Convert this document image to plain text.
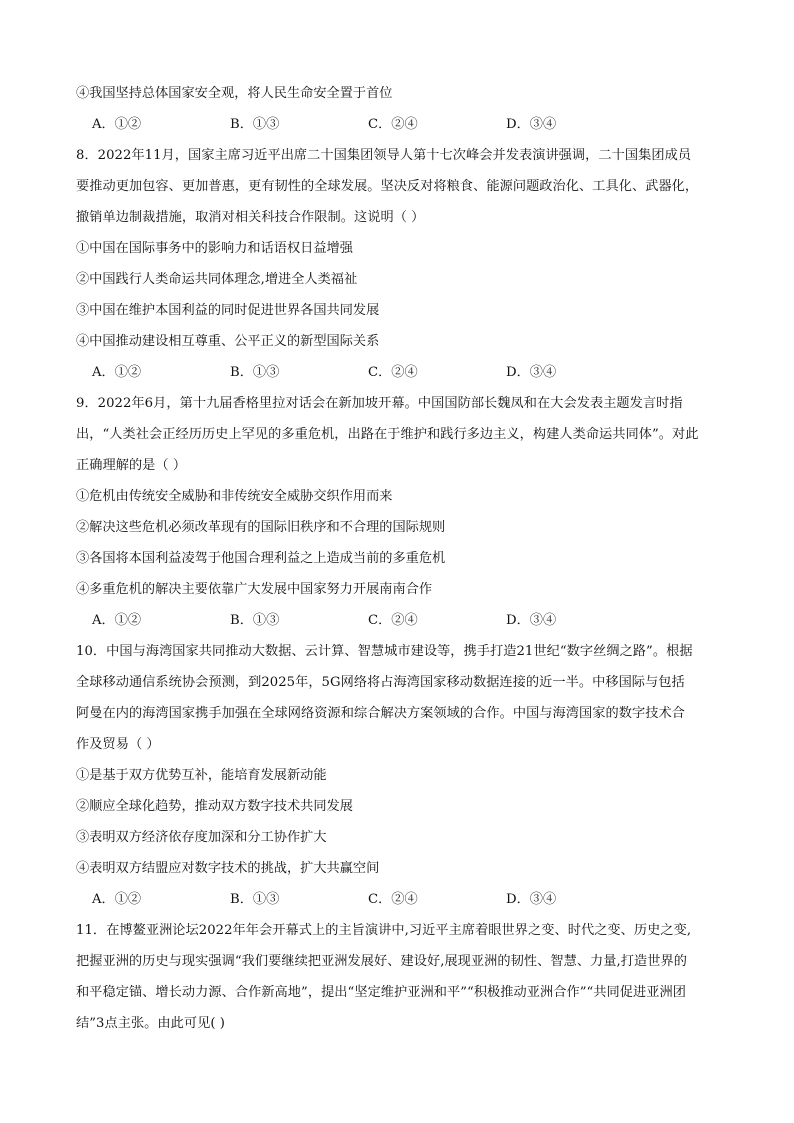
④我国坚持总体国家安全观，将人民生命安全置于首位
A．①②	B．①③	C．②④	D．③④
8．2022年11月，国家主席习近平出席二十国集团领导人第十七次峰会并发表演讲强调，二十国集团成员
要推动更加包容、更加普惠，更有韧性的全球发展。坚决反对将粮食、能源问题政治化、工具化、武器化，
撤销单边制裁措施，取消对相关科技合作限制。这说明（ ）
①中国在国际事务中的影响力和话语权日益增强
②中国践行人类命运共同体理念,增进全人类福祉
③中国在维护本国利益的同时促进世界各国共同发展
④中国推动建设相互尊重、公平正义的新型国际关系
A．①②	B．①③	C．②④	D．③④
9．2022年6月，第十九届香格里拉对话会在新加坡开幕。中国国防部长魏凤和在大会发表主题发言时指
出，“人类社会正经历历史上罕见的多重危机，出路在于维护和践行多边主义，构建人类命运共同体”。对此
正确理解的是（ ）
①危机由传统安全威胁和非传统安全威胁交织作用而来
②解决这些危机必须改革现有的国际旧秩序和不合理的国际规则
③各国将本国利益凌驾于他国合理利益之上造成当前的多重危机
④多重危机的解决主要依靠广大发展中国家努力开展南南合作
A．①②	B．①③	C．②④	D．③④
10．中国与海湾国家共同推动大数据、云计算、智慧城市建设等，携手打造21世纪“数字丝绸之路”。根据
全球移动通信系统协会预测，到2025年，5G网络将占海湾国家移动数据连接的近一半。中移国际与包括
阿曼在内的海湾国家携手加强在全球网络资源和综合解决方案领域的合作。中国与海湾国家的数字技术合
作及贸易（ ）
①是基于双方优势互补，能培育发展新动能
②顺应全球化趋势，推动双方数字技术共同发展
③表明双方经济依存度加深和分工协作扩大
④表明双方结盟应对数字技术的挑战，扩大共赢空间
A．①②	B．①③	C．②④	D．③④
11．在博鳌亚洲论坛2022年年会开幕式上的主旨演讲中,习近平主席着眼世界之变、时代之变、历史之变,
把握亚洲的历史与现实强调“我们要继续把亚洲发展好、建设好,展现亚洲的韧性、智慧、力量,打造世界的
和平稳定锚、增长动力源、合作新高地”，提出“坚定维护亚洲和平”“积极推动亚洲合作”“共同促进亚洲团
结”3点主张。由此可见( )
